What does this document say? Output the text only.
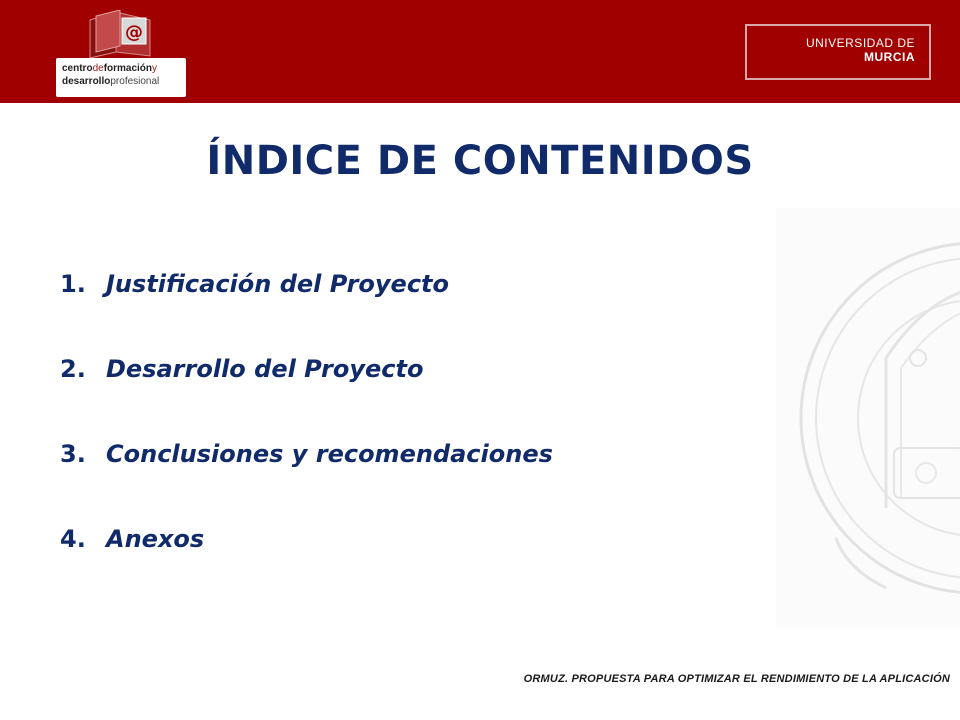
@
centrodeformacióny
desarrolloprofesional
UNIVERSIDAD DE
MURCIA
ÍNDICE DE CONTENIDOS
1. Justificación del Proyecto
2. Desarrollo del Proyecto
3. Conclusiones y recomendaciones
4. Anexos
ORMUZ. PROPUESTA PARA OPTIMIZAR EL RENDIMIENTO DE LA APLICACIÓN
